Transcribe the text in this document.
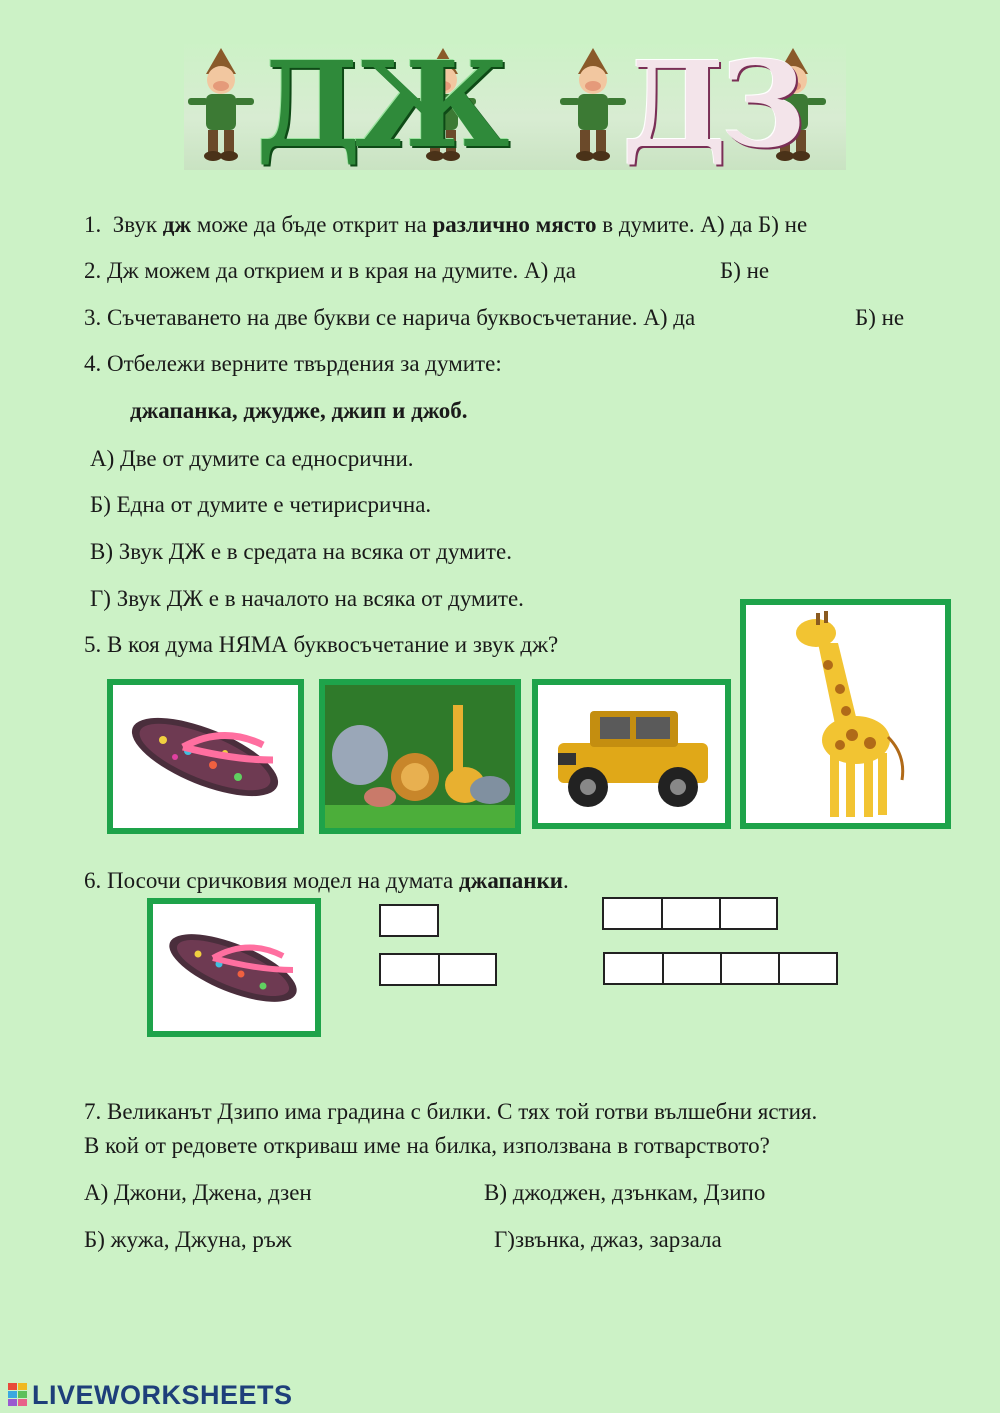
ДЖ ДЗ
1. Звук дж може да бъде открит на различно място в думите. А) да Б) не
2. Дж можем да открием и в края на думите. А) да	Б) не
3. Съчетаването на две букви се нарича буквосъчетание. А) да	Б) не
4. Отбележи верните твърдения за думите:
джапанка, джудже, джип и джоб.
А) Две от думите са едносрични.
Б) Една от думите е четирисрична.
В) Звук ДЖ е в средата на всяка от думите.
Г) Звук ДЖ е в началото на всяка от думите.
5. В коя дума НЯМА буквосъчетание и звук дж?
6. Посочи сричковия модел на думата джапанки.
7. Великанът Дзипо има градина с билки. С тях той готви вълшебни ястия.
В кой от редовете откриваш име на билка, използвана в готварството?
А) Джони, Джена, дзен	В) джоджен, дзънкам, Дзипо
Б) жужа, Джуна, ръж	Г)звънка, джаз, зарзала
LIVEWORKSHEETS
